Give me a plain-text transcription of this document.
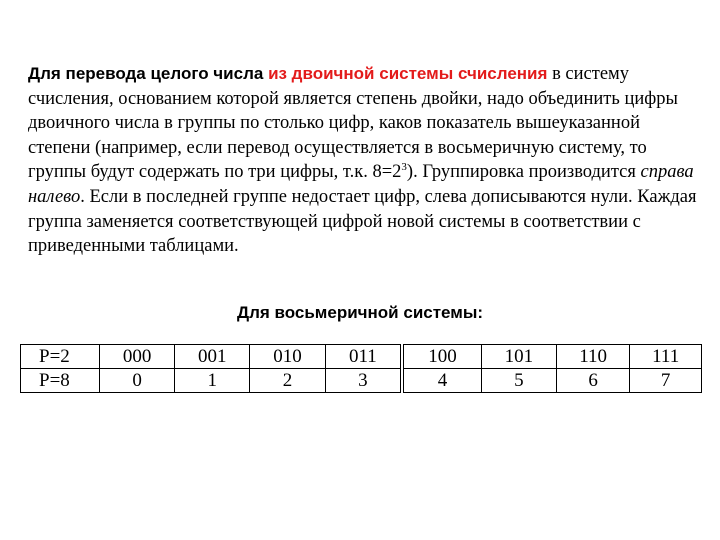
Для перевода целого числа из двоичной системы счисления в систему счисления, основанием которой является степень двойки, надо объединить цифры двоичного числа в группы по столько цифр, каков показатель вышеуказанной степени (например, если перевод осуществляется в восьмеричную систему, то группы будут содержать по три цифры, т.к. $8=2^3$). Группировка производится справа налево. Если в последней группе недостает цифр, слева дописываются нули. Каждая группа заменяется соответствующей цифрой новой системы в соответствии с приведенными таблицами.
Для восьмеричной системы:
P=2	000	001	010	011	100	101	110	111
P=8	0	1	2	3	4	5	6	7
